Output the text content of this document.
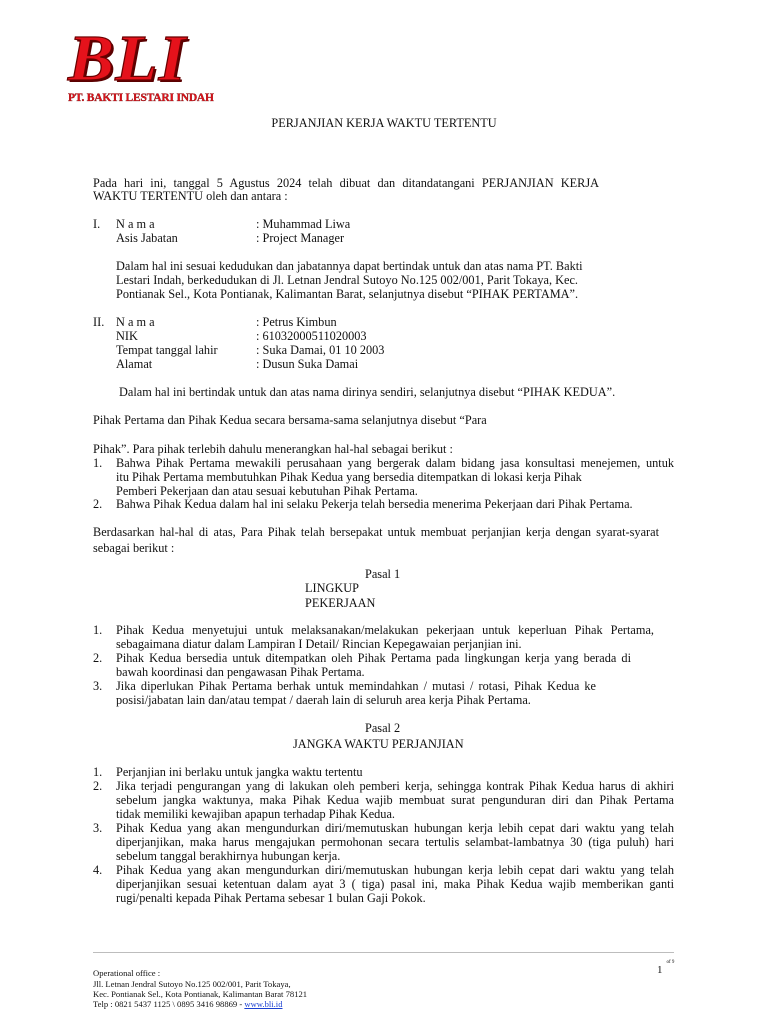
BLI
PT. BAKTI LESTARI INDAH
PERJANJIAN KERJA WAKTU TERTENTU
Pada hari ini, tanggal 5 Agustus 2024 telah dibuat dan ditandatangani PERJANJIAN KERJA
WAKTU TERTENTU oleh dan antara :
I. N a m a	: Muhammad Liwa
Asis Jabatan	: Project Manager
Dalam hal ini sesuai kedudukan dan jabatannya dapat bertindak untuk dan atas nama PT. Bakti
Lestari Indah, berkedudukan di Jl. Letnan Jendral Sutoyo No.125 002/001, Parit Tokaya, Kec.
Pontianak Sel., Kota Pontianak, Kalimantan Barat, selanjutnya disebut “PIHAK PERTAMA”.
II. N a m a	: Petrus Kimbun
NIK	: 61032000511020003
Tempat tanggal lahir	: Suka Damai, 01 10 2003
Alamat	: Dusun Suka Damai
Dalam hal ini bertindak untuk dan atas nama dirinya sendiri, selanjutnya disebut “PIHAK KEDUA”.
Pihak Pertama dan Pihak Kedua secara bersama-sama selanjutnya disebut “Para
Pihak”. Para pihak terlebih dahulu menerangkan hal-hal sebagai berikut :
1. Bahwa Pihak Pertama mewakili perusahaan yang bergerak dalam bidang jasa konsultasi menejemen, untuk
itu Pihak Pertama membutuhkan Pihak Kedua yang bersedia ditempatkan di lokasi kerja Pihak
Pemberi Pekerjaan dan atau sesuai kebutuhan Pihak Pertama.
2. Bahwa Pihak Kedua dalam hal ini selaku Pekerja telah bersedia menerima Pekerjaan dari Pihak Pertama.
Berdasarkan hal-hal di atas, Para Pihak telah bersepakat untuk membuat perjanjian kerja dengan syarat-syarat
sebagai berikut :
Pasal 1
LINGKUP
PEKERJAAN
1. Pihak Kedua menyetujui untuk melaksanakan/melakukan pekerjaan untuk keperluan Pihak Pertama,
sebagaimana diatur dalam Lampiran I Detail/ Rincian Kepegawaian perjanjian ini.
2. Pihak Kedua bersedia untuk ditempatkan oleh Pihak Pertama pada lingkungan kerja yang berada di
bawah koordinasi dan pengawasan Pihak Pertama.
3. Jika diperlukan Pihak Pertama berhak untuk memindahkan / mutasi / rotasi, Pihak Kedua ke
posisi/jabatan lain dan/atau tempat / daerah lain di seluruh area kerja Pihak Pertama.
Pasal 2
JANGKA WAKTU PERJANJIAN
1. Perjanjian ini berlaku untuk jangka waktu tertentu
2. Jika terjadi pengurangan yang di lakukan oleh pemberi kerja, sehingga kontrak Pihak Kedua harus di akhiri
sebelum jangka waktunya, maka Pihak Kedua wajib membuat surat pengunduran diri dan Pihak Pertama
tidak memiliki kewajiban apapun terhadap Pihak Kedua.
3. Pihak Kedua yang akan mengundurkan diri/memutuskan hubungan kerja lebih cepat dari waktu yang telah
diperjanjikan, maka harus mengajukan permohonan secara tertulis selambat-lambatnya 30 (tiga puluh) hari
sebelum tanggal berakhirnya hubungan kerja.
4. Pihak Kedua yang akan mengundurkan diri/memutuskan hubungan kerja lebih cepat dari waktu yang telah
diperjanjikan sesuai ketentuan dalam ayat 3 ( tiga) pasal ini, maka Pihak Kedua wajib memberikan ganti
rugi/penalti kepada Pihak Pertama sebesar 1 bulan Gaji Pokok.
1 $^{of 9}$
Operational office :
Jll. Letnan Jendral Sutoyo No.125 002/001, Parit Tokaya,
Kec. Pontianak Sel., Kota Pontianak, Kalimantan Barat 78121
Telp : 0821 5437 1125 \ 0895 3416 98869 - www.bli.id
